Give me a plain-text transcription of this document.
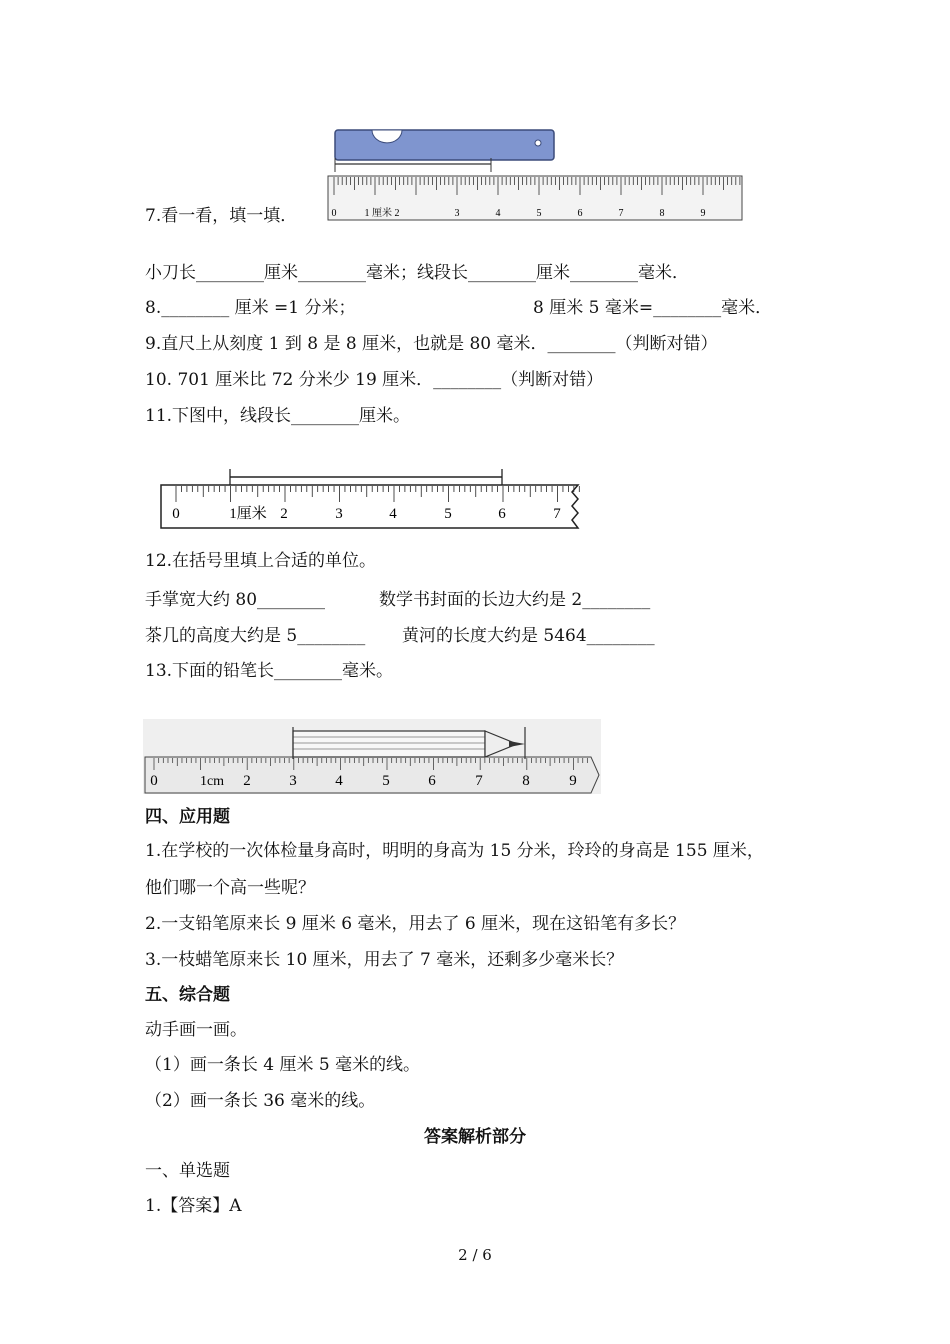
0	1 厘米 2	3	4	5	6	7	8	9
7.看一看，填一填．
小刀长________厘米________毫米；线段长________厘米________毫米．
8.________ 厘米 =1 分米；	8 厘米 5 毫米=________毫米．
9.直尺上从刻度 1 到 8 是 8 厘米，也就是 80 毫米．________（判断对错）
10. 701 厘米比 72 分米少 19 厘米．________（判断对错）
11.下图中，线段长________厘米。
0	1厘米 2	3	4	5	6	7
12.在括号里填上合适的单位。
手掌宽大约 80________	数学书封面的长边大约是 2________
茶几的高度大约是 5________ 黄河的长度大约是 5464________
13.下面的铅笔长________毫米。
0	1cm 2	3	4	5	6	7	8	9
四、应用题
1.在学校的一次体检量身高时，明明的身高为 15 分米，玲玲的身高是 155 厘米，
他们哪一个高一些呢？
2.一支铅笔原来长 9 厘米 6 毫米，用去了 6 厘米，现在这铅笔有多长？
3.一枝蜡笔原来长 10 厘米，用去了 7 毫米，还剩多少毫米长？
五、综合题
动手画一画。
（1）画一条长 4 厘米 5 毫米的线。
（2）画一条长 36 毫米的线。
答案解析部分
一、单选题
1.【答案】A
2 / 6
